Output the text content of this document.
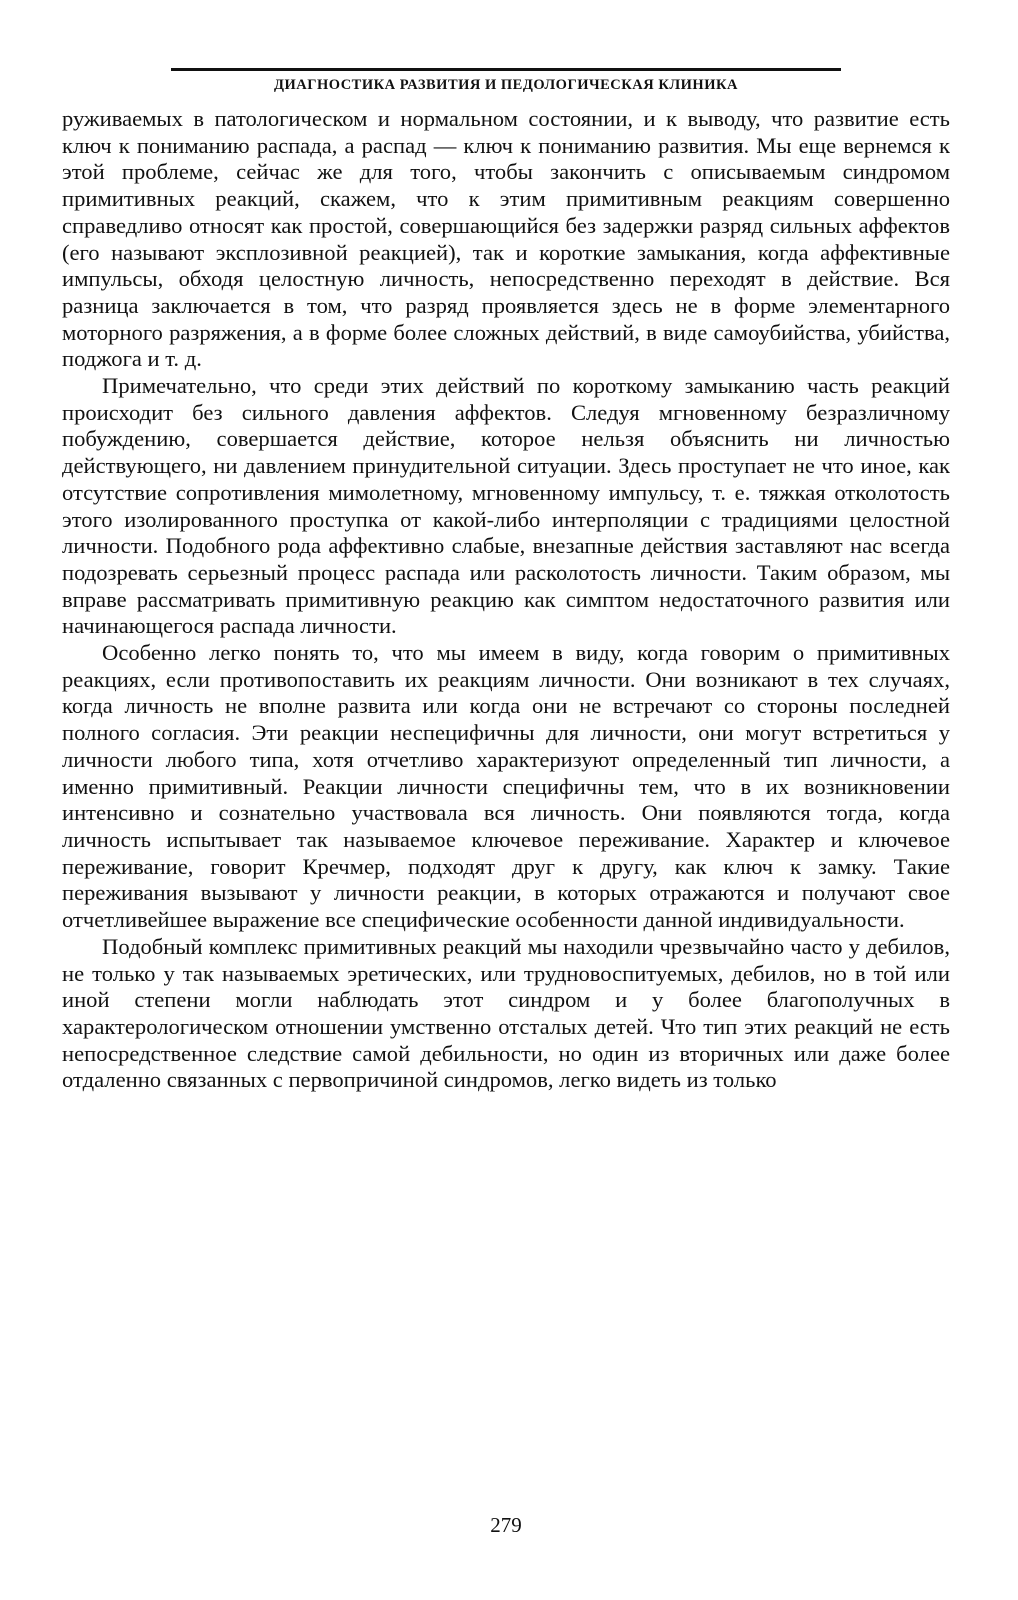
ДИАГНОСТИКА РАЗВИТИЯ И ПЕДОЛОГИЧЕСКАЯ КЛИНИКА

руживаемых в патологическом и нормальном состоянии, и к выводу, что развитие есть ключ к пониманию распада, а распад — ключ к пониманию развития. Мы еще вернемся к этой проблеме, сейчас же для того, чтобы закончить с описываемым синдромом примитивных реакций, скажем, что к этим примитивным реакциям совершенно справедливо относят как простой, совершающийся без задержки разряд сильных аффектов (его называют эксплозивной реакцией), так и короткие замыкания, когда аффективные импульсы, обходя целостную личность, непосредственно переходят в действие. Вся разница заключается в том, что разряд проявляется здесь не в форме элементарного моторного разряжения, а в форме более сложных действий, в виде самоубийства, убийства, поджога и т. д.

Примечательно, что среди этих действий по короткому замыканию часть реакций происходит без сильного давления аффектов. Следуя мгновенному безразличному побуждению, совершается действие, которое нельзя объяснить ни личностью действующего, ни давлением принудительной ситуации. Здесь проступает не что иное, как отсутствие сопротивления мимолетному, мгновенному импульсу, т. е. тяжкая отколотость этого изолированного проступка от какой-либо интерполяции с традициями целостной личности. Подобного рода аффективно слабые, внезапные действия заставляют нас всегда подозревать серьезный процесс распада или расколотость личности. Таким образом, мы вправе рассматривать примитивную реакцию как симптом недостаточного развития или начинающегося распада личности.

Особенно легко понять то, что мы имеем в виду, когда говорим о примитивных реакциях, если противопоставить их реакциям личности. Они возникают в тех случаях, когда личность не вполне развита или когда они не встречают со стороны последней полного согласия. Эти реакции неспецифичны для личности, они могут встретиться у личности любого типа, хотя отчетливо характеризуют определенный тип личности, а именно примитивный. Реакции личности специфичны тем, что в их возникновении интенсивно и сознательно участвовала вся личность. Они появляются тогда, когда личность испытывает так называемое ключевое переживание. Характер и ключевое переживание, говорит Кречмер, подходят друг к другу, как ключ к замку. Такие переживания вызывают у личности реакции, в которых отражаются и получают свое отчетливейшее выражение все специфические особенности данной индивидуальности.

Подобный комплекс примитивных реакций мы находили чрезвычайно часто у дебилов, не только у так называемых эретических, или трудновоспитуемых, дебилов, но в той или иной степени могли наблюдать этот синдром и у более благополучных в характерологическом отношении умственно отсталых детей. Что тип этих реакций не есть непосредственное следствие самой дебильности, но один из вторичных или даже более отдаленно связанных с первопричиной синдромов, легко видеть из только

279
